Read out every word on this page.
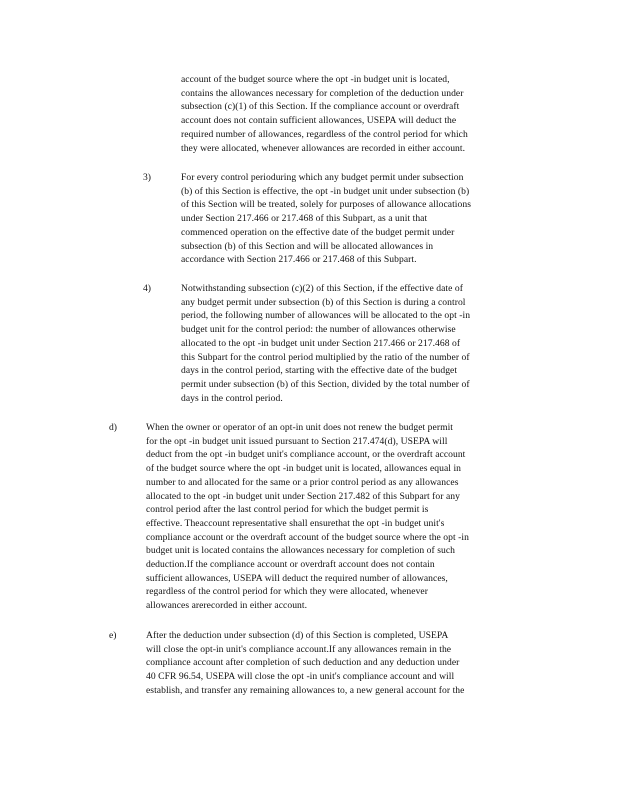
account of the budget source where the opt -in budget unit is located,
contains the allowances necessary for completion of the deduction under
subsection (c)(1) of this Section. If the compliance account or overdraft
account does not contain sufficient allowances, USEPA will deduct the
required number of allowances, regardless of the control period for which
they were allocated, whenever allowances are recorded in either account.
3)	For every control perioduring which any budget permit under subsection
(b) of this Section is effective, the opt -in budget unit under subsection (b)
of this Section will be treated, solely for purposes of allowance allocations
under Section 217.466 or 217.468 of this Subpart, as a unit that
commenced operation on the effective date of the budget permit under
subsection (b) of this Section and will be allocated allowances in
accordance with Section 217.466 or 217.468 of this Subpart.
4)	Notwithstanding subsection (c)(2) of this Section, if the effective date of
any budget permit under subsection (b) of this Section is during a control
period, the following number of allowances will be allocated to the opt -in
budget unit for the control period: the number of allowances otherwise
allocated to the opt -in budget unit under Section 217.466 or 217.468 of
this Subpart for the control period multiplied by the ratio of the number of
days in the control period, starting with the effective date of the budget
permit under subsection (b) of this Section, divided by the total number of
days in the control period.
d)	When the owner or operator of an opt-in unit does not renew the budget permit
for the opt -in budget unit issued pursuant to Section 217.474(d), USEPA will
deduct from the opt -in budget unit's compliance account, or the overdraft account
of the budget source where the opt -in budget unit is located, allowances equal in
number to and allocated for the same or a prior control period as any allowances
allocated to the opt -in budget unit under Section 217.482 of this Subpart for any
control period after the last control period for which the budget permit is
effective. Theaccount representative shall ensurethat the opt -in budget unit's
compliance account or the overdraft account of the budget source where the opt -in
budget unit is located contains the allowances necessary for completion of such
deduction.If the compliance account or overdraft account does not contain
sufficient allowances, USEPA will deduct the required number of allowances,
regardless of the control period for which they were allocated, whenever
allowances arerecorded in either account.
e)	After the deduction under subsection (d) of this Section is completed, USEPA
will close the opt-in unit's compliance account.If any allowances remain in the
compliance account after completion of such deduction and any deduction under
40 CFR 96.54, USEPA will close the opt -in unit's compliance account and will
establish, and transfer any remaining allowances to, a new general account for the
